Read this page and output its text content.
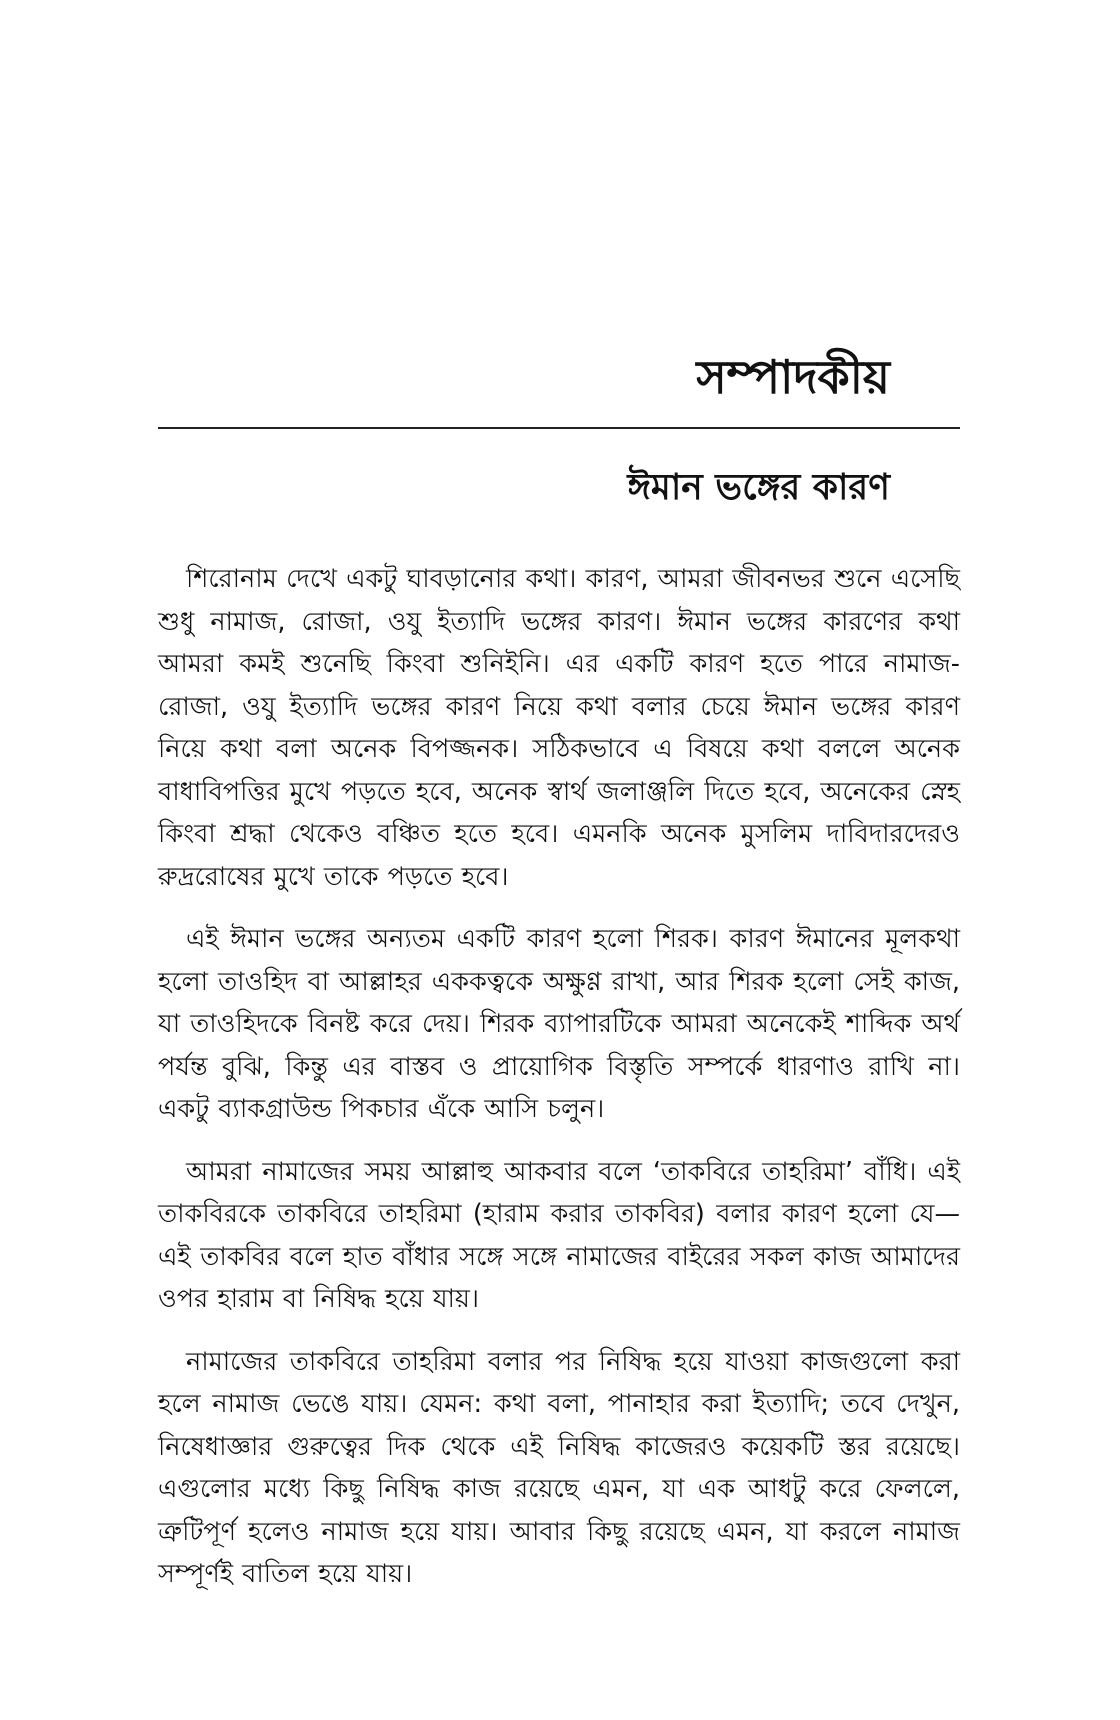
সম্পাদকীয়
ঈমান ভঙ্গের কারণ

শিরোনাম দেখে একটু ঘাবড়ানোর কথা। কারণ, আমরা জীবনভর শুনে এসেছি শুধু নামাজ, রোজা, ওযু ইত্যাদি ভঙ্গের কারণ। ঈমান ভঙ্গের কারণের কথা আমরা কমই শুনেছি কিংবা শুনিইনি। এর একটি কারণ হতে পারে নামাজ-রোজা, ওযু ইত্যাদি ভঙ্গের কারণ নিয়ে কথা বলার চেয়ে ঈমান ভঙ্গের কারণ নিয়ে কথা বলা অনেক বিপজ্জনক। সঠিকভাবে এ বিষয়ে কথা বললে অনেক বাধাবিপত্তির মুখে পড়তে হবে, অনেক স্বার্থ জলাঞ্জলি দিতে হবে, অনেকের স্নেহ কিংবা শ্রদ্ধা থেকেও বঞ্চিত হতে হবে। এমনকি অনেক মুসলিম দাবিদারদেরও রুদ্ররোষের মুখে তাকে পড়তে হবে।

এই ঈমান ভঙ্গের অন্যতম একটি কারণ হলো শিরক। কারণ ঈমানের মূলকথা হলো তাওহিদ বা আল্লাহর এককত্বকে অক্ষুণ্ণ রাখা, আর শিরক হলো সেই কাজ, যা তাওহিদকে বিনষ্ট করে দেয়। শিরক ব্যাপারটিকে আমরা অনেকেই শাব্দিক অর্থ পর্যন্ত বুঝি, কিন্তু এর বাস্তব ও প্রায়োগিক বিস্তৃতি সম্পর্কে ধারণাও রাখি না। একটু ব্যাকগ্রাউন্ড পিকচার এঁকে আসি চলুন।

আমরা নামাজের সময় আল্লাহু আকবার বলে ‘তাকবিরে তাহরিমা’ বাঁধি। এই তাকবিরকে তাকবিরে তাহরিমা (হারাম করার তাকবির) বলার কারণ হলো যে— এই তাকবির বলে হাত বাঁধার সঙ্গে সঙ্গে নামাজের বাইরের সকল কাজ আমাদের ওপর হারাম বা নিষিদ্ধ হয়ে যায়।

নামাজের তাকবিরে তাহরিমা বলার পর নিষিদ্ধ হয়ে যাওয়া কাজগুলো করা হলে নামাজ ভেঙে যায়। যেমন: কথা বলা, পানাহার করা ইত্যাদি; তবে দেখুন, নিষেধাজ্ঞার গুরুত্বের দিক থেকে এই নিষিদ্ধ কাজেরও কয়েকটি স্তর রয়েছে। এগুলোর মধ্যে কিছু নিষিদ্ধ কাজ রয়েছে এমন, যা এক আধটু করে ফেললে, ত্রুটিপূর্ণ হলেও নামাজ হয়ে যায়। আবার কিছু রয়েছে এমন, যা করলে নামাজ সম্পূর্ণই বাতিল হয়ে যায়।
